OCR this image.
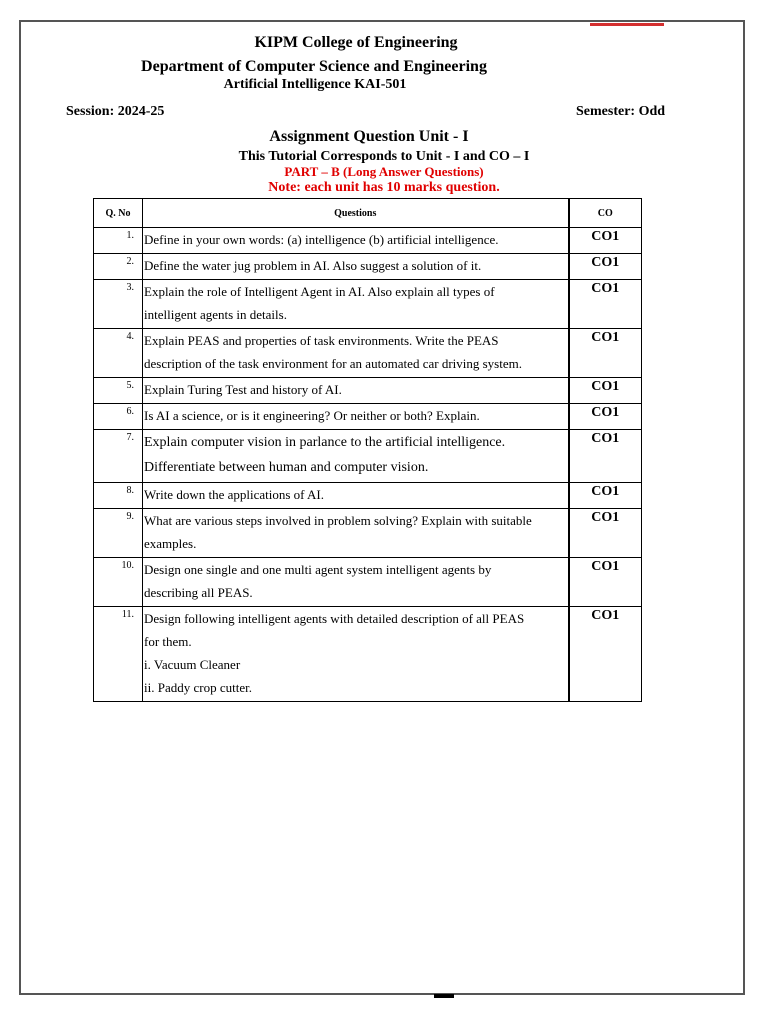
KIPM College of Engineering
Department of Computer Science and Engineering
Artificial Intelligence KAI-501
Session: 2024-25	Semester: Odd
Assignment Question Unit - I
This Tutorial Corresponds to Unit - I and CO – I
PART – B (Long Answer Questions)
Note: each unit has 10 marks question.
Q. No	Questions	CO
1.	Define in your own words: (a) intelligence (b) artificial intelligence.	CO1
2.	Define the water jug problem in AI. Also suggest a solution of it.	CO1
3.	Explain the role of Intelligent Agent in AI. Also explain all types of
intelligent agents in details.	CO1
4.	Explain PEAS and properties of task environments. Write the PEAS
description of the task environment for an automated car driving system.	CO1
5.	Explain Turing Test and history of AI.	CO1
6.	Is AI a science, or is it engineering? Or neither or both? Explain.	CO1
7.	Explain computer vision in parlance to the artificial intelligence.
Differentiate between human and computer vision.	CO1
8.	Write down the applications of AI.	CO1
9.	What are various steps involved in problem solving? Explain with suitable
examples.	CO1
10.	Design one single and one multi agent system intelligent agents by
describing all PEAS.	CO1
11.	Design following intelligent agents with detailed description of all PEAS
for them.
i. Vacuum Cleaner
ii. Paddy crop cutter.	CO1
